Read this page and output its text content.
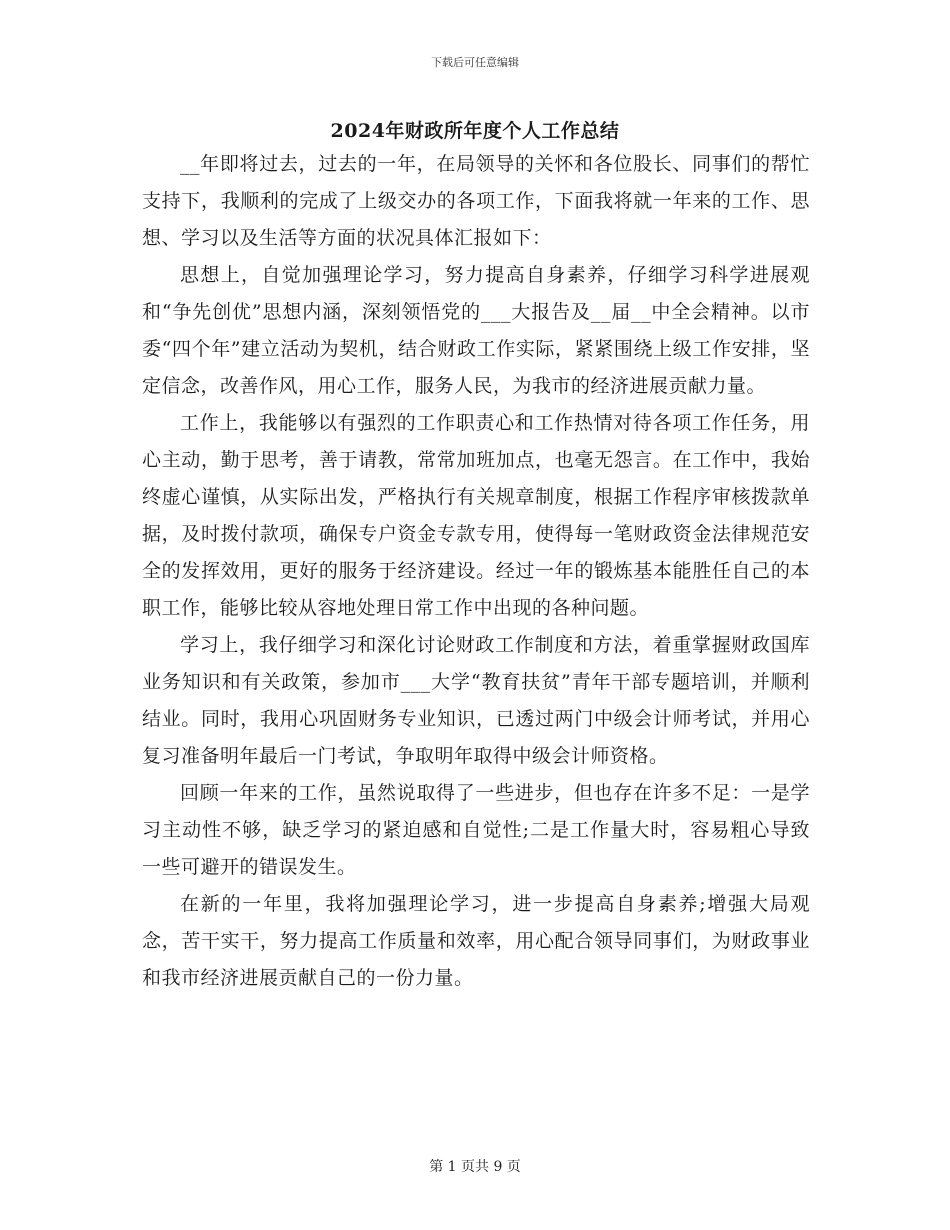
下载后可任意编辑
2024年财政所年度个人工作总结

__年即将过去，过去的一年，在局领导的关怀和各位股长、同事们的帮忙支持下，我顺利的完成了上级交办的各项工作，下面我将就一年来的工作、思想、学习以及生活等方面的状况具体汇报如下：

思想上，自觉加强理论学习，努力提高自身素养，仔细学习科学进展观和“争先创优”思想内涵，深刻领悟党的___大报告及__届__中全会精神。以市委“四个年”建立活动为契机，结合财政工作实际，紧紧围绕上级工作安排，坚定信念，改善作风，用心工作，服务人民，为我市的经济进展贡献力量。

工作上，我能够以有强烈的工作职责心和工作热情对待各项工作任务，用心主动，勤于思考，善于请教，常常加班加点，也毫无怨言。在工作中，我始终虚心谨慎，从实际出发，严格执行有关规章制度，根据工作程序审核拨款单据，及时拨付款项，确保专户资金专款专用，使得每一笔财政资金法律规范安全的发挥效用，更好的服务于经济建设。经过一年的锻炼基本能胜任自己的本职工作，能够比较从容地处理日常工作中出现的各种问题。

学习上，我仔细学习和深化讨论财政工作制度和方法，着重掌握财政国库业务知识和有关政策，参加市___大学“教育扶贫”青年干部专题培训，并顺利结业。同时，我用心巩固财务专业知识，已透过两门中级会计师考试，并用心复习准备明年最后一门考试，争取明年取得中级会计师资格。

回顾一年来的工作，虽然说取得了一些进步，但也存在许多不足：一是学习主动性不够，缺乏学习的紧迫感和自觉性;二是工作量大时，容易粗心导致一些可避开的错误发生。

在新的一年里，我将加强理论学习，进一步提高自身素养;增强大局观念，苦干实干，努力提高工作质量和效率，用心配合领导同事们，为财政事业和我市经济进展贡献自己的一份力量。

第 1 页共 9 页
